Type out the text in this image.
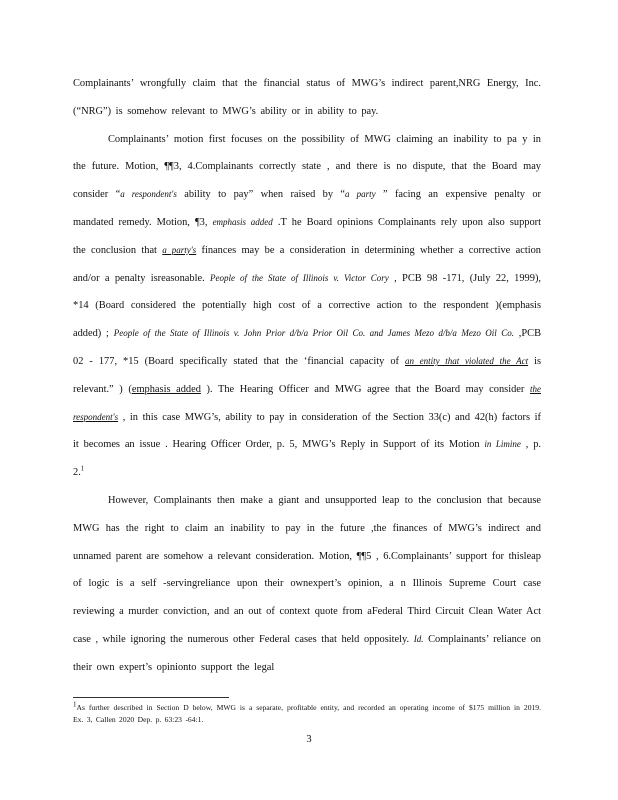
Complainants’ wrongfully claim that the financial status of MWG’s indirect parent,NRG Energy, Inc. (“NRG”) is somehow relevant to MWG’s ability or in ability to pay.

Complainants’ motion first focuses on the possibility of MWG claiming an inability to pa y in the future. Motion, ¶¶3, 4.Complainants correctly state , and there is no dispute, that the Board may consider “a respondent's ability to pay” when raised by “a party ” facing an expensive penalty or mandated remedy. Motion, ¶3, emphasis added .T he Board opinions Complainants rely upon also support the conclusion that a party's finances may be a consideration in determining whether a corrective action and/or a penalty isreasonable. People of the State of Illinois v. Victor Cory , PCB 98 -171, (July 22, 1999), *14 (Board considered the potentially high cost of a corrective action to the respondent )(emphasis added) ; People of the State of Illinois v. John Prior d/b/a Prior Oil Co. and James Mezo d/b/a Mezo Oil Co. ,PCB 02 - 177, *15 (Board specifically stated that the ‘financial capacity of an entity that violated the Act is relevant.” ) (emphasis added ). The Hearing Officer and MWG agree that the Board may consider the respondent's , in this case MWG’s, ability to pay in consideration of the Section 33(c) and 42(h) factors if it becomes an issue . Hearing Officer Order, p. 5, MWG’s Reply in Support of its Motion in Limine , p. 2.$^1$

However, Complainants then make a giant and unsupported leap to the conclusion that because MWG has the right to claim an inability to pay in the future ,the finances of MWG’s indirect and unnamed parent are somehow a relevant consideration. Motion, ¶¶5 , 6.Complainants’ support for thisleap of logic is a self -servingreliance upon their ownexpert’s opinion, a n Illinois Supreme Court case reviewing a murder conviction, and an out of context quote from aFederal Third Circuit Clean Water Act case , while ignoring the numerous other Federal cases that held oppositely. Id. Complainants’ reliance on their own expert’s opinionto support the legal

1As further described in Section D below, MWG is a separate, profitable entity, and recorded an operating income of $175 million in 2019. Ex. 3, Callen 2020 Dep. p. 63:23 -64:1.
3
